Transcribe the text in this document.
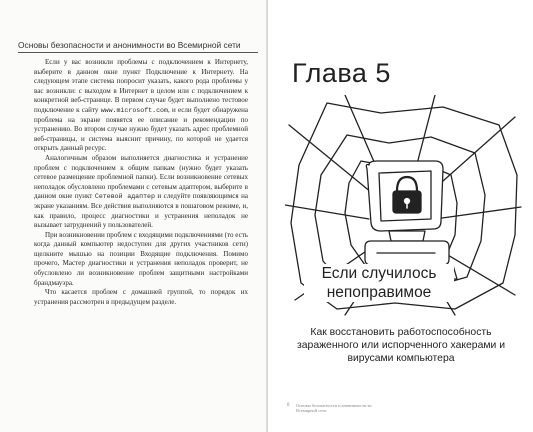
Основы безопасности и анонимности во Всемирной сети

Если у вас возникли проблемы с подключением к Интернету, выберите в данном окне пункт Подключение к Интернету. На следующем этапе система попросит указать, какого рода проблемы у вас возникли: с выходом в Интернет в целом или с подключением к конкретной веб-странице. В первом случае будет выполнено тестовое подключение к сайту www.microsoft.com, и если будет обнаружена проблема на экране появятся ее описание и рекомендации по устранению. Во втором случае нужно будет указать адрес проблемной веб-страницы, и система выяснит причину, по которой не удается открыть данный ресурс.

Аналогичным образом выполняется диагностика и устранение проблем с подключением к общим папкам (нужно будет указать сетевое размещение проблемной папки). Если возникновение сетевых неполадок обусловлено проблемами с сетевым адаптером, выберите в данном окне пункт Сетевой адаптер и следуйте появляющимся на экране указаниям. Все действия выполняются в пошаговом режиме, и, как правило, процесс диагностики и устранения неполадок не вызывает затруднений у пользователей.

При возникновении проблем с входящими подключениями (то есть когда данный компьютер недоступен для других участников сети) щелкните мышью на позиции Входящие подключения. Помимо прочего, Мастер диагностики и устранения неполадок проверит, не обусловлено ли возникновение проблем защитными настройками брандмауэра.

Что касается проблем с домашней группой, то порядок их устранения рассмотрен в предыдущем разделе.

Глава 5
Если случилось непоправимое
Как восстановить работоспособность зараженного или испорченного хакерами и вирусами компьютера
8 Основы безопасности и анонимности во Всемирной сети
